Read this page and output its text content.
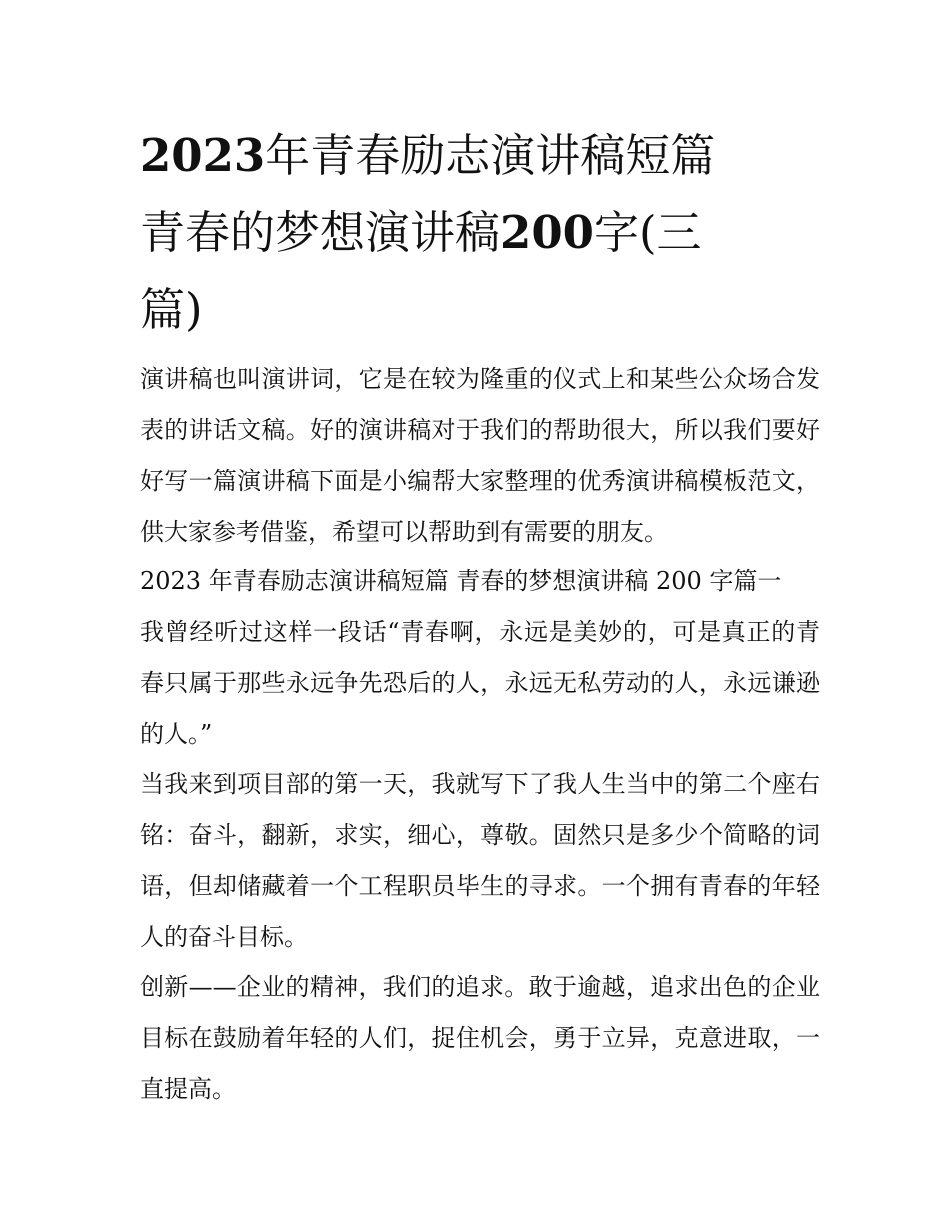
2023年青春励志演讲稿短篇
青春的梦想演讲稿200字(三
篇)

演讲稿也叫演讲词，它是在较为隆重的仪式上和某些公众场合发表的讲话文稿。好的演讲稿对于我们的帮助很大，所以我们要好好写一篇演讲稿下面是小编帮大家整理的优秀演讲稿模板范文，供大家参考借鉴，希望可以帮助到有需要的朋友。

2023 年青春励志演讲稿短篇 青春的梦想演讲稿 200 字篇一

我曾经听过这样一段话“青春啊，永远是美妙的，可是真正的青春只属于那些永远争先恐后的人，永远无私劳动的人，永远谦逊的人。”

当我来到项目部的第一天，我就写下了我人生当中的第二个座右铭：奋斗，翻新，求实，细心，尊敬。固然只是多少个简略的词语，但却储藏着一个工程职员毕生的寻求。一个拥有青春的年轻人的奋斗目标。

创新——企业的精神，我们的追求。敢于逾越，追求出色的企业目标在鼓励着年轻的人们，捉住机会，勇于立异，克意进取，一直提高。
